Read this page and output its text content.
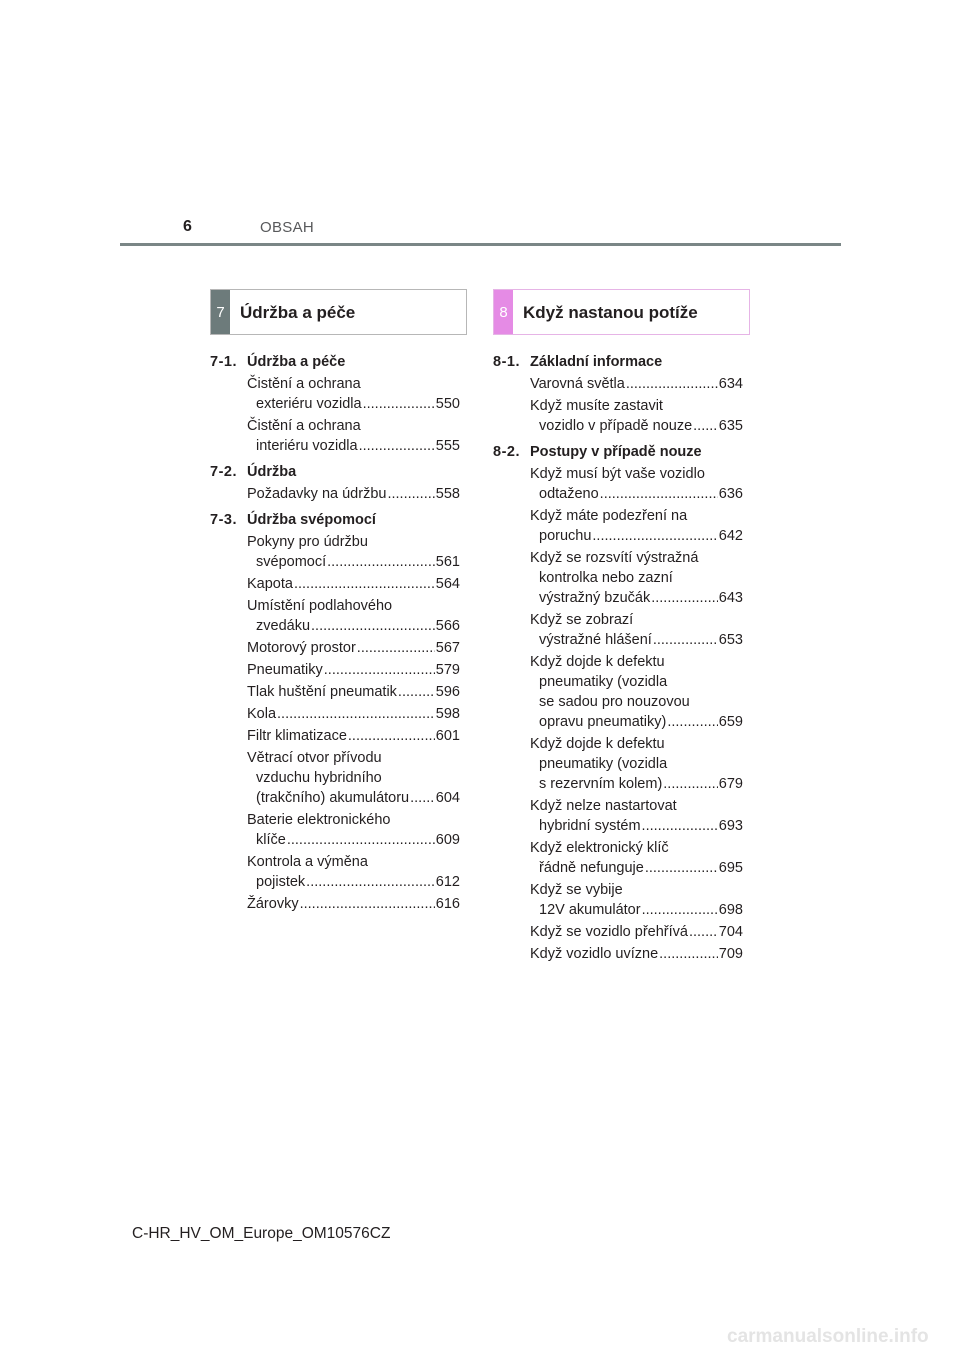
6	OBSAH
7 Údržba a péče	8 Když nastanou potíže
7-1. Údržba a péče
Čistění a ochrana
exteriéru vozidla .....	550
Čistění a ochrana
interiéru vozidla .....	555
7-2. Údržba
Požadavky na údržbu .....	558
7-3. Údržba svépomocí
Pokyny pro údržbu
svépomocí .....	561
Kapota .....	564
Umístění podlahového
zvedáku .....	566
Motorový prostor .....	567
Pneumatiky .....	579
Tlak huštění pneumatik .....	596
Kola .....	598
Filtr klimatizace .....	601
Větrací otvor přívodu
vzduchu hybridního
(trakčního) akumulátoru ..... 604
Baterie elektronického
klíče .....	609
Kontrola a výměna
pojistek .....	612
Žárovky .....	616
8-1. Základní informace
Varovná světla .....	634
Když musíte zastavit
vozidlo v případě nouze ..... 635
8-2. Postupy v případě nouze
Když musí být vaše vozidlo
odtaženo .....	636
Když máte podezření na
poruchu .....	642
Když se rozsvítí výstražná
kontrolka nebo zazní
výstražný bzučák .....	643
Když se zobrazí
výstražné hlášení .....	653
Když dojde k defektu
pneumatiky (vozidla
se sadou pro nouzovou
opravu pneumatiky) .....	659
Když dojde k defektu
pneumatiky (vozidla
s rezervním kolem) .....	679
Když nelze nastartovat
hybridní systém .....	693
Když elektronický klíč
řádně nefunguje .....	695
Když se vybije
12V akumulátor .....	698
Když se vozidlo přehřívá ..... 704
Když vozidlo uvízne .....	709
C-HR_HV_OM_Europe_OM10576CZ
carmanualsonline.info
